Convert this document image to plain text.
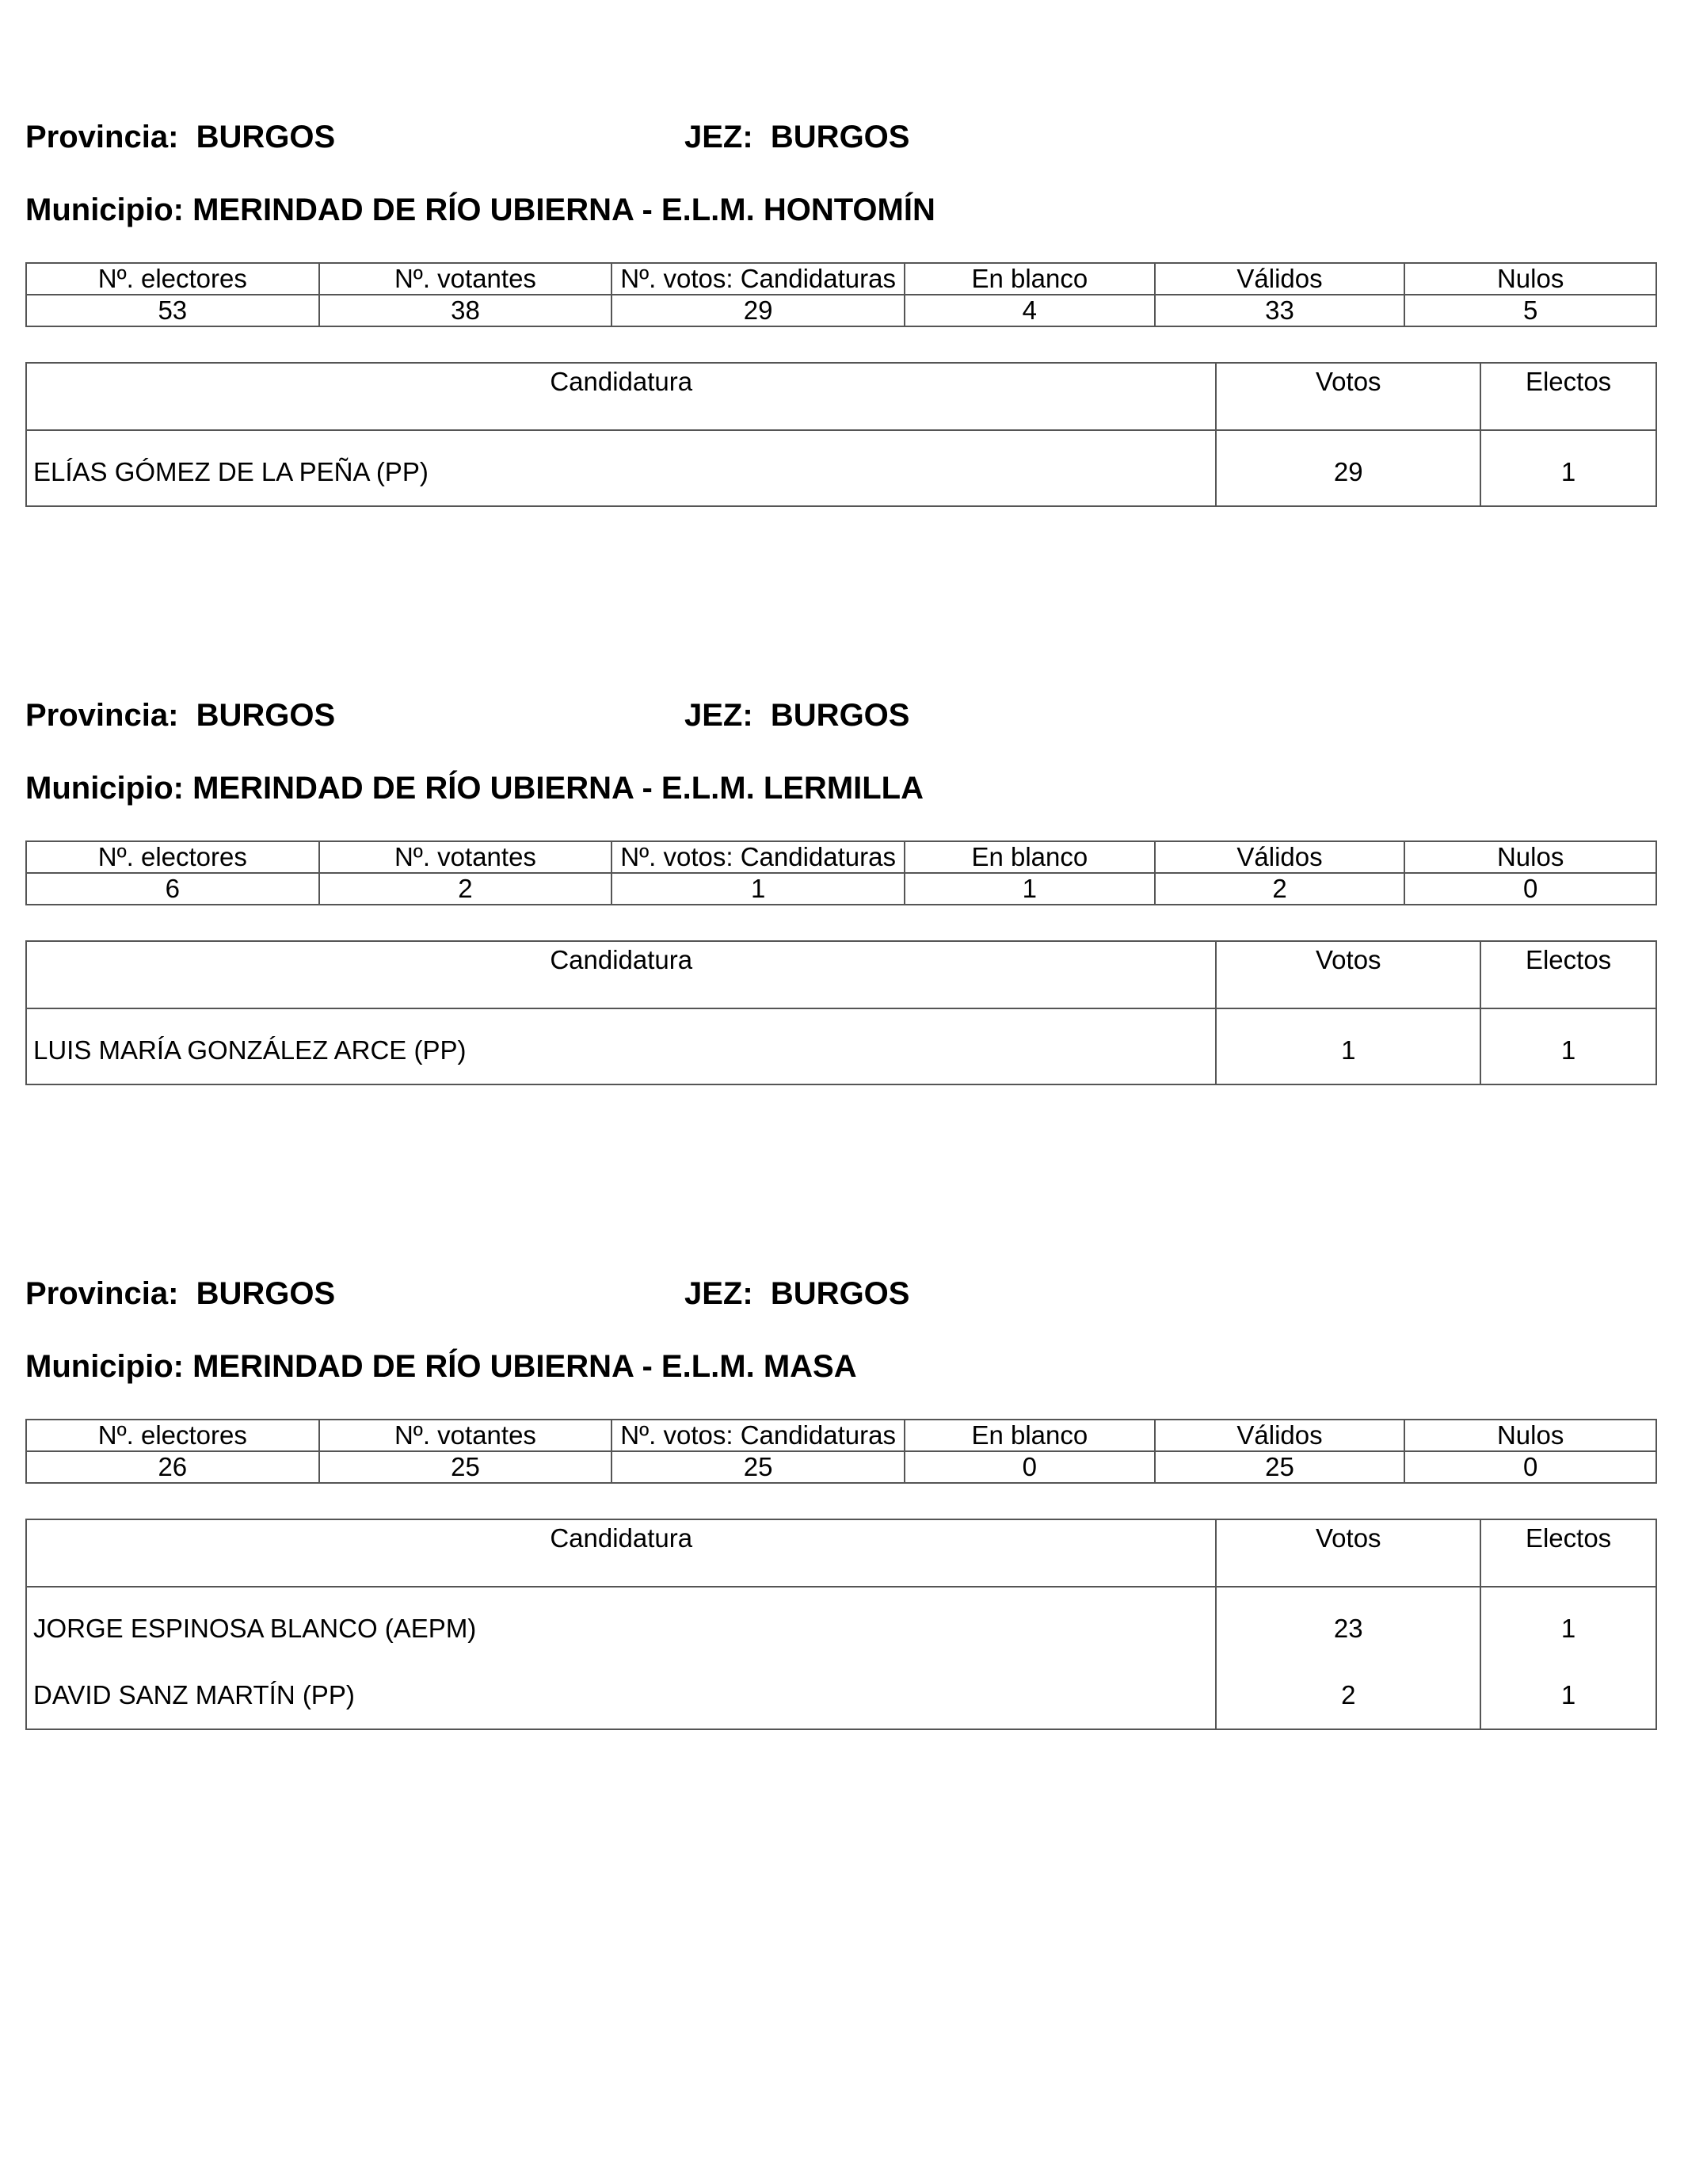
Provincia:  BURGOS	JEZ:  BURGOS
Municipio: MERINDAD DE RÍO UBIERNA - E.L.M. HONTOMÍN
Nº. electores	Nº. votantes	Nº. votos: Candidaturas	En blanco	Válidos	Nulos
53	38	29	4	33	5
Candidatura	Votos	Electos
ELÍAS GÓMEZ DE LA PEÑA (PP)	29	1
Provincia:  BURGOS	JEZ:  BURGOS
Municipio: MERINDAD DE RÍO UBIERNA - E.L.M. LERMILLA
Nº. electores	Nº. votantes	Nº. votos: Candidaturas	En blanco	Válidos	Nulos
6	2	1	1	2	0
Candidatura	Votos	Electos
LUIS MARÍA GONZÁLEZ ARCE (PP)	1	1
Provincia:  BURGOS	JEZ:  BURGOS
Municipio: MERINDAD DE RÍO UBIERNA - E.L.M. MASA
Nº. electores	Nº. votantes	Nº. votos: Candidaturas	En blanco	Válidos	Nulos
26	25	25	0	25	0
Candidatura	Votos	Electos
JORGE ESPINOSA BLANCO (AEPM)	23	1
DAVID SANZ MARTÍN (PP)	2	1
